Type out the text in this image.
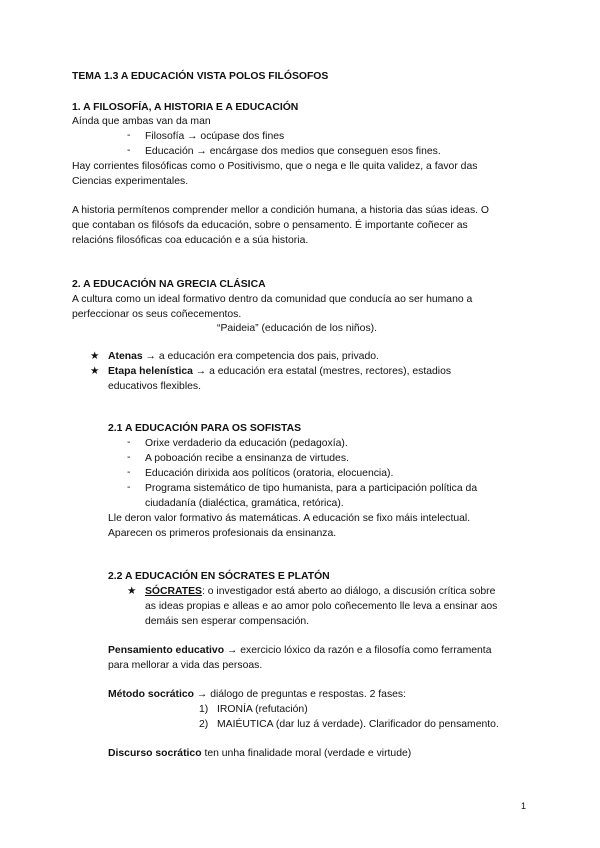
TEMA 1.3 A EDUCACIÓN VISTA POLOS FILÓSOFOS
1. A FILOSOFÍA, A HISTORIA E A EDUCACIÓN
Aínda que ambas van da man
- Filosofía → ocúpase dos fines
- Educación → encárgase dos medios que conseguen esos fines.
Hay corrientes filosóficas como o Positivismo, que o nega e lle quita validez, a favor das
Ciencias experimentales.
A historia permítenos comprender mellor a condición humana, a historia das súas ideas. O
que contaban os filósofs da educación, sobre o pensamento. É importante coñecer as
relacións filosóficas coa educación e a súa historia.
2. A EDUCACIÓN NA GRECIA CLÁSICA
A cultura como un ideal formativo dentro da comunidad que conducía ao ser humano a
perfeccionar os seus coñecementos.
“Paideia” (educación de los niños).
★ Atenas → a educación era competencia dos pais, privado.
★ Etapa helenística → a educación era estatal (mestres, rectores), estadios
educativos flexibles.
2.1 A EDUCACIÓN PARA OS SOFISTAS
- Orixe verdaderio da educación (pedagoxía).
- A poboación recibe a ensinanza de virtudes.
- Educación dirixida aos políticos (oratoria, elocuencia).
- Programa sistemático de tipo humanista, para a participación política da
ciudadanía (dialéctica, gramática, retórica).
Lle deron valor formativo ás matemáticas. A educación se fixo máis intelectual.
Aparecen os primeros profesionais da ensinanza.
2.2 A EDUCACIÓN EN SÓCRATES E PLATÓN
★ SÓCRATES: o investigador está aberto ao diálogo, a discusión crítica sobre
as ideas propias e alleas e ao amor polo coñecemento lle leva a ensinar aos
demáis sen esperar compensación.
Pensamiento educativo → exercicio lóxico da razón e a filosofía como ferramenta
para mellorar a vida das persoas.
Método socrático → diálogo de preguntas e respostas. 2 fases:
1) IRONÍA (refutación)
2) MAIÉUTICA (dar luz á verdade). Clarificador do pensamento.
Discurso socrático ten unha finalidade moral (verdade e virtude)
1
